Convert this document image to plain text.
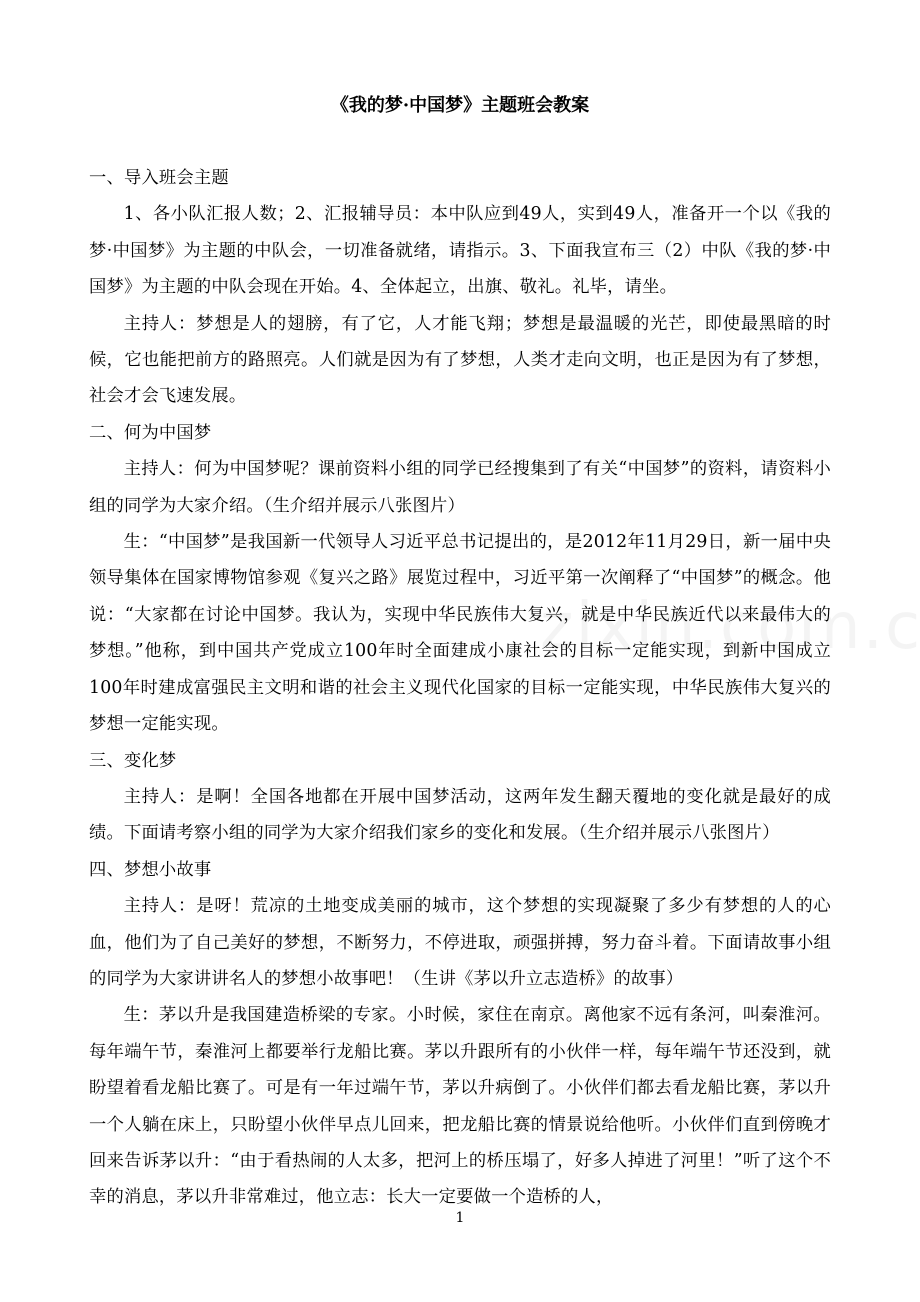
《我的梦·中国梦》主题班会教案

一、导入班会主题

1、各小队汇报人数；2、汇报辅导员：本中队应到49人，实到49人，准备开一个以《我的梦·中国梦》为主题的中队会，一切准备就绪，请指示。3、下面我宣布三（2）中队《我的梦·中国梦》为主题的中队会现在开始。4、全体起立，出旗、敬礼。礼毕，请坐。

主持人：梦想是人的翅膀，有了它，人才能飞翔；梦想是最温暖的光芒，即使最黑暗的时候，它也能把前方的路照亮。人们就是因为有了梦想，人类才走向文明，也正是因为有了梦想，社会才会飞速发展。

二、何为中国梦

主持人：何为中国梦呢？课前资料小组的同学已经搜集到了有关“中国梦”的资料，请资料小组的同学为大家介绍。（生介绍并展示八张图片）

生：“中国梦”是我国新一代领导人习近平总书记提出的，是2012年11月29日，新一届中央领导集体在国家博物馆参观《复兴之路》展览过程中，习近平第一次阐释了“中国梦”的概念。他说：“大家都在讨论中国梦。我认为，实现中华民族伟大复兴，就是中华民族近代以来最伟大的梦想。”他称，到中国共产党成立100年时全面建成小康社会的目标一定能实现，到新中国成立100年时建成富强民主文明和谐的社会主义现代化国家的目标一定能实现，中华民族伟大复兴的梦想一定能实现。

三、变化梦

主持人：是啊！全国各地都在开展中国梦活动，这两年发生翻天覆地的变化就是最好的成绩。下面请考察小组的同学为大家介绍我们家乡的变化和发展。（生介绍并展示八张图片）

四、梦想小故事

主持人：是呀！荒凉的土地变成美丽的城市，这个梦想的实现凝聚了多少有梦想的人的心血，他们为了自己美好的梦想，不断努力，不停进取，顽强拼搏，努力奋斗着。下面请故事小组的同学为大家讲讲名人的梦想小故事吧！（生讲《茅以升立志造桥》的故事）

生：茅以升是我国建造桥梁的专家。小时候，家住在南京。离他家不远有条河，叫秦淮河。每年端午节，秦淮河上都要举行龙船比赛。茅以升跟所有的小伙伴一样，每年端午节还没到，就盼望着看龙船比赛了。可是有一年过端午节，茅以升病倒了。小伙伴们都去看龙船比赛，茅以升一个人躺在床上，只盼望小伙伴早点儿回来，把龙船比赛的情景说给他听。小伙伴们直到傍晚才回来告诉茅以升：“由于看热闹的人太多，把河上的桥压塌了，好多人掉进了河里！”听了这个不幸的消息，茅以升非常难过，他立志：长大一定要做一个造桥的人，

1
